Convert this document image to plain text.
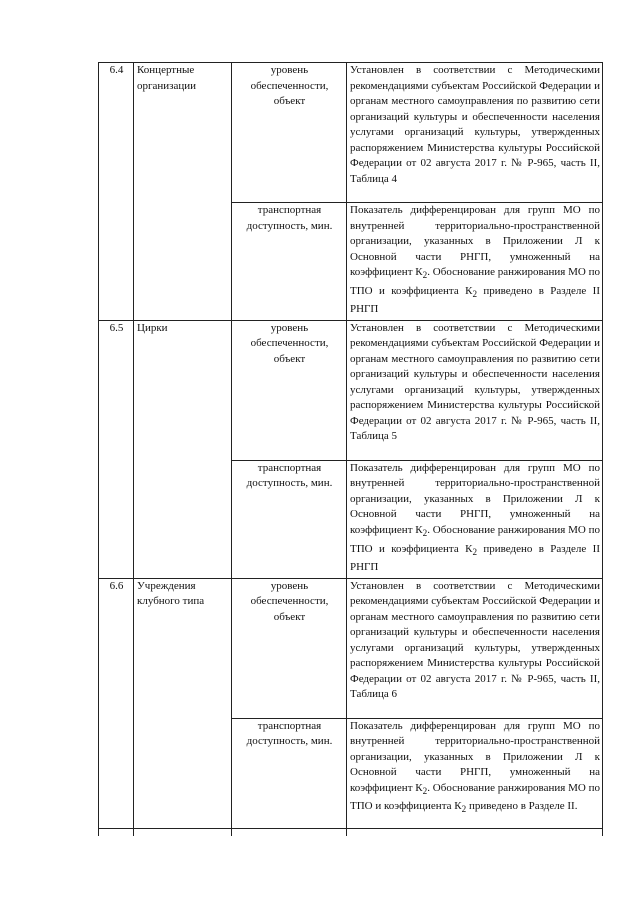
6.4	Концертные организации	уровень обеспеченности, объект	Установлен в соответствии с Методическими рекомендациями субъектам Российской Федерации и органам местного самоуправления по развитию сети организаций культуры и обеспеченности населения услугами организаций культуры, утвержденных распоряжением Министерства культуры Российской Федерации от 02 августа 2017 г. № Р-965, часть II, Таблица 4
		транспортная доступность, мин.	Показатель дифференцирован для групп МО по внутренней территориально-пространственной организации, указанных в Приложении Л к Основной части РНГП, умноженный на коэффициент $К_2$. Обоснование ранжирования МО по ТПО и коэффициента $К_2$ приведено в Разделе II РНГП
6.5	Цирки	уровень обеспеченности, объект	Установлен в соответствии с Методическими рекомендациями субъектам Российской Федерации и органам местного самоуправления по развитию сети организаций культуры и обеспеченности населения услугами организаций культуры, утвержденных распоряжением Министерства культуры Российской Федерации от 02 августа 2017 г. № Р-965, часть II, Таблица 5
		транспортная доступность, мин.	Показатель дифференцирован для групп МО по внутренней территориально-пространственной организации, указанных в Приложении Л к Основной части РНГП, умноженный на коэффициент $К_2$. Обоснование ранжирования МО по ТПО и коэффициента $К_2$ приведено в Разделе II РНГП
6.6	Учреждения клубного типа	уровень обеспеченности, объект	Установлен в соответствии с Методическими рекомендациями субъектам Российской Федерации и органам местного самоуправления по развитию сети организаций культуры и обеспеченности населения услугами организаций культуры, утвержденных распоряжением Министерства культуры Российской Федерации от 02 августа 2017 г. № Р-965, часть II, Таблица 6
		транспортная доступность, мин.	Показатель дифференцирован для групп МО по внутренней территориально-пространственной организации, указанных в Приложении Л к Основной части РНГП, умноженный на коэффициент $К_2$. Обоснование ранжирования МО по ТПО и коэффициента $К_2$ приведено в Разделе II.
